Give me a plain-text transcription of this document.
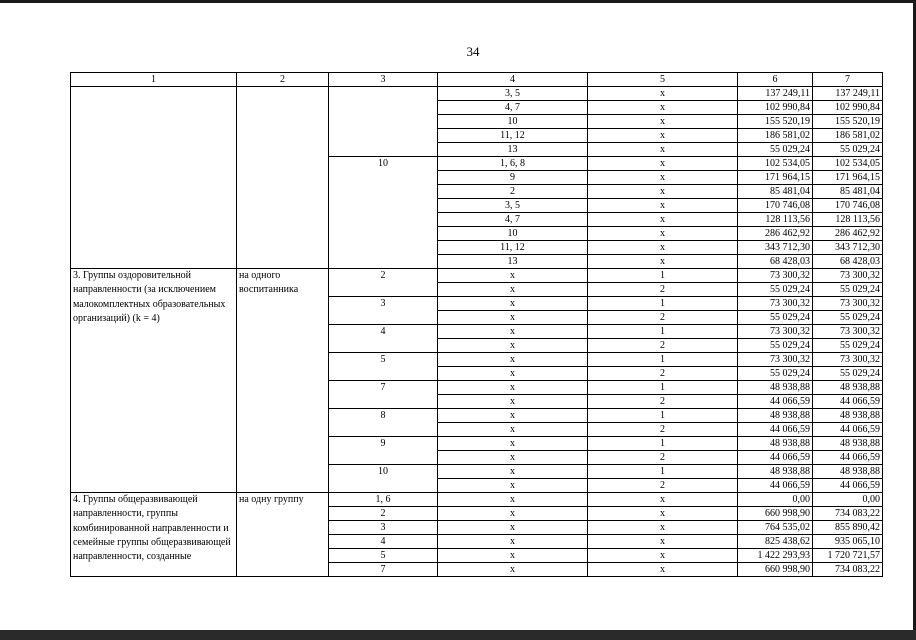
34
1	2	3	4	5	6	7
			3, 5	x	137 249,11	137 249,11
			4, 7	x	102 990,84	102 990,84
			10	x	155 520,19	155 520,19
			11, 12	x	186 581,02	186 581,02
			13	x	55 029,24	55 029,24
		10	1, 6, 8	x	102 534,05	102 534,05
			9	x	171 964,15	171 964,15
			2	x	85 481,04	85 481,04
			3, 5	x	170 746,08	170 746,08
			4, 7	x	128 113,56	128 113,56
			10	x	286 462,92	286 462,92
			11, 12	x	343 712,30	343 712,30
			13	x	68 428,03	68 428,03
3. Группы оздоровительной направленности (за исключением малокомплектных образовательных организаций) (k = 4)	на одного воспитанника	2	x	1	73 300,32	73 300,32
			x	2	55 029,24	55 029,24
		3	x	1	73 300,32	73 300,32
			x	2	55 029,24	55 029,24
		4	x	1	73 300,32	73 300,32
			x	2	55 029,24	55 029,24
		5	x	1	73 300,32	73 300,32
			x	2	55 029,24	55 029,24
		7	x	1	48 938,88	48 938,88
			x	2	44 066,59	44 066,59
		8	x	1	48 938,88	48 938,88
			x	2	44 066,59	44 066,59
		9	x	1	48 938,88	48 938,88
			x	2	44 066,59	44 066,59
		10	x	1	48 938,88	48 938,88
			x	2	44 066,59	44 066,59
4. Группы общеразвивающей направленности, группы комбинированной направленности и семейные группы общеразвивающей направленности, созданные	на одну группу	1, 6	x	x	0,00	0,00
		2	x	x	660 998,90	734 083,22
		3	x	x	764 535,02	855 890,42
		4	x	x	825 438,62	935 065,10
		5	x	x	1 422 293,93	1 720 721,57
		7	x	x	660 998,90	734 083,22
